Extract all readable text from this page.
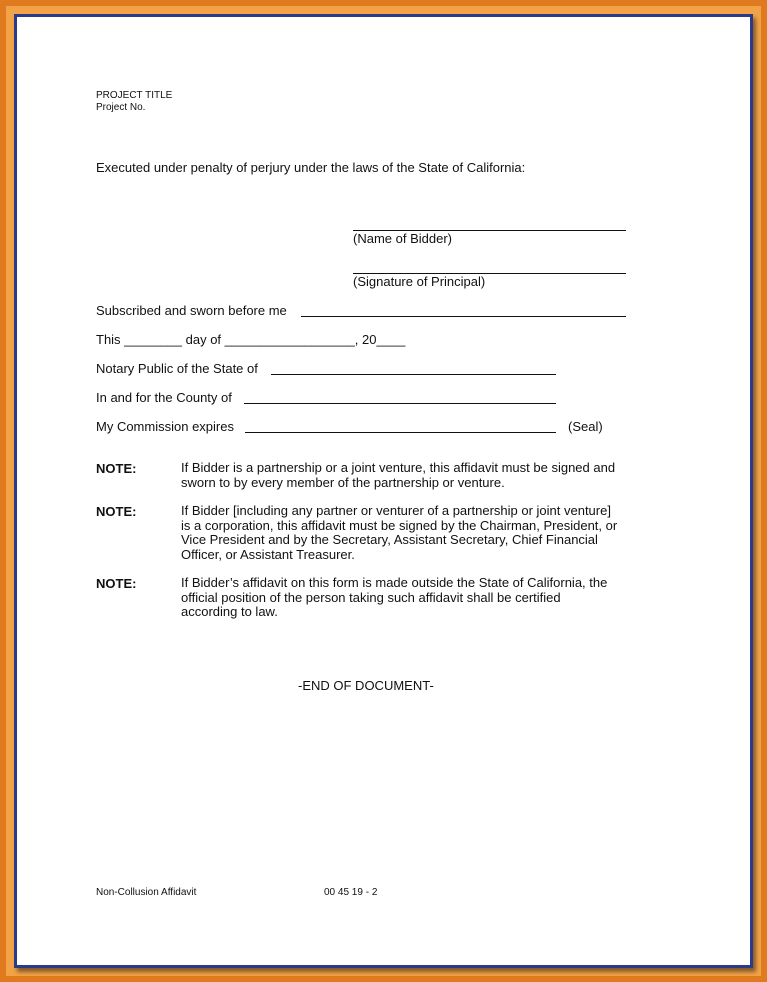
PROJECT TITLE
Project No.
Executed under penalty of perjury under the laws of the State of California:
(Name of Bidder)
(Signature of Principal)
Subscribed and sworn before me
This ________ day of __________________, 20____
Notary Public of the State of
In and for the County of
My Commission expires	(Seal)
NOTE:	If Bidder is a partnership or a joint venture, this affidavit must be signed and
sworn to by every member of the partnership or venture.
NOTE:	If Bidder [including any partner or venturer of a partnership or joint venture]
is a corporation, this affidavit must be signed by the Chairman, President, or
Vice President and by the Secretary, Assistant Secretary, Chief Financial
Officer, or Assistant Treasurer.
NOTE:	If Bidder’s affidavit on this form is made outside the State of California, the
official position of the person taking such affidavit shall be certified
according to law.
-END OF DOCUMENT-
Non-Collusion Affidavit	00 45 19 - 2
